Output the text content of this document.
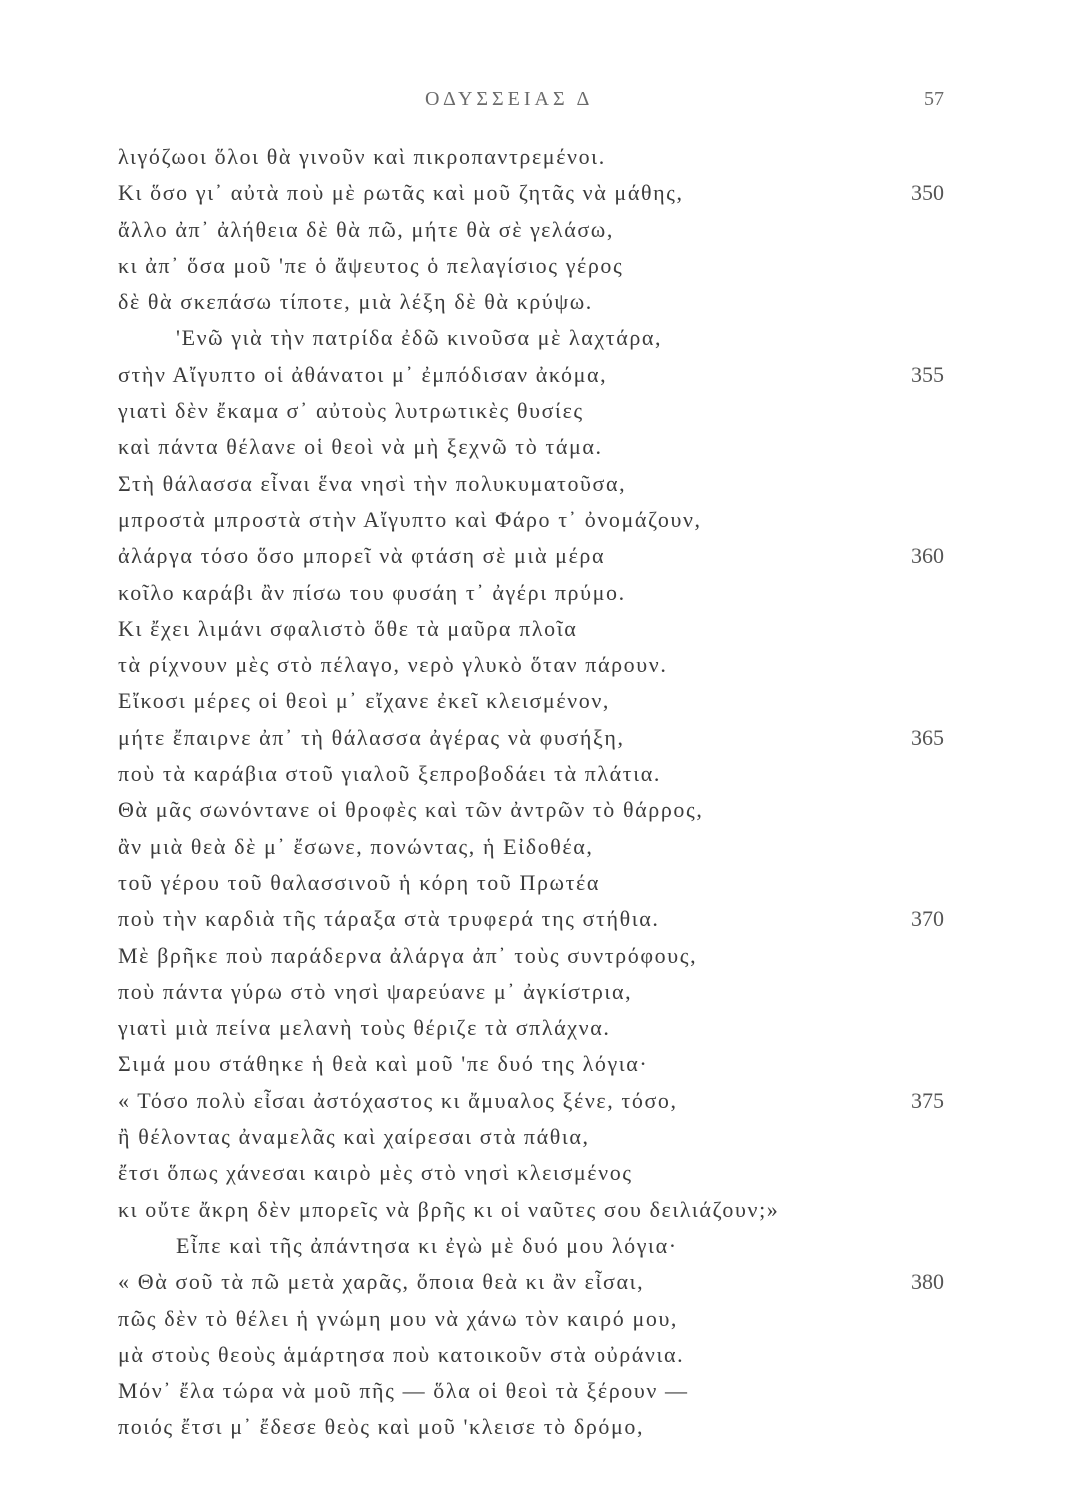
ΟΔΥΣΣΕΙΑΣ Δ	57
λιγόζωοι ὅλοι θὰ γινοῦν καὶ πικροπαντρεμένοι.
Κι ὅσο γι᾽ αὐτὰ ποὺ μὲ ρωτᾶς καὶ μοῦ ζητᾶς νὰ μάθης,	350
ἄλλο ἀπ᾽ ἀλήθεια δὲ θὰ πῶ, μήτε θὰ σὲ γελάσω,
κι ἀπ᾽ ὅσα μοῦ 'πε ὁ ἄψευτος ὁ πελαγίσιος γέρος
δὲ θὰ σκεπάσω τίποτε, μιὰ λέξη δὲ θὰ κρύψω.
'Ενῶ γιὰ τὴν πατρίδα ἐδῶ κινοῦσα μὲ λαχτάρα,
στὴν Αἴγυπτο οἱ ἀθάνατοι μ᾽ ἐμπόδισαν ἀκόμα,	355
γιατὶ δὲν ἔκαμα σ᾽ αὐτοὺς λυτρωτικὲς θυσίες
καὶ πάντα θέλανε οἱ θεοὶ νὰ μὴ ξεχνῶ τὸ τάμα.
Στὴ θάλασσα εἶναι ἕνα νησὶ τὴν πολυκυματοῦσα,
μπροστὰ μπροστὰ στὴν Αἴγυπτο καὶ Φάρο τ᾽ ὀνομάζουν,
ἀλάργα τόσο ὅσο μπορεῖ νὰ φτάση σὲ μιὰ μέρα	360
κοῖλο καράβι ἂν πίσω του φυσάη τ᾽ ἀγέρι πρύμο.
Κι ἔχει λιμάνι σφαλιστὸ ὅθε τὰ μαῦρα πλοῖα
τὰ ρίχνουν μὲς στὸ πέλαγο, νερὸ γλυκὸ ὅταν πάρουν.
Εἴκοσι μέρες οἱ θεοὶ μ᾽ εἴχανε ἐκεῖ κλεισμένον,
μήτε ἔπαιρνε ἀπ᾽ τὴ θάλασσα ἀγέρας νὰ φυσήξη,	365
ποὺ τὰ καράβια στοῦ γιαλοῦ ξεπροβοδάει τὰ πλάτια.
Θὰ μᾶς σωνόντανε οἱ θροφὲς καὶ τῶν ἀντρῶν τὸ θάρρος,
ἂν μιὰ θεὰ δὲ μ᾽ ἔσωνε, πονώντας, ἡ Εἰδοθέα,
τοῦ γέρου τοῦ θαλασσινοῦ ἡ κόρη τοῦ Πρωτέα
ποὺ τὴν καρδιὰ τῆς τάραξα στὰ τρυφερά της στήθια.	370
Μὲ βρῆκε ποὺ παράδερνα ἀλάργα ἀπ᾽ τοὺς συντρόφους,
ποὺ πάντα γύρω στὸ νησὶ ψαρεύανε μ᾽ ἀγκίστρια,
γιατὶ μιὰ πείνα μελανὴ τοὺς θέριζε τὰ σπλάχνα.
Σιμά μου στάθηκε ἡ θεὰ καὶ μοῦ 'πε δυό της λόγια·
« Τόσο πολὺ εἶσαι ἀστόχαστος κι ἄμυαλος ξένε, τόσο,	375
ἢ θέλοντας ἀναμελᾶς καὶ χαίρεσαι στὰ πάθια,
ἔτσι ὅπως χάνεσαι καιρὸ μὲς στὸ νησὶ κλεισμένος
κι οὔτε ἄκρη δὲν μπορεῖς νὰ βρῆς κι οἱ ναῦτες σου δειλιάζουν;»
Εἶπε καὶ τῆς ἀπάντησα κι ἐγὼ μὲ δυό μου λόγια·
« Θὰ σοῦ τὰ πῶ μετὰ χαρᾶς, ὅποια θεὰ κι ἂν εἶσαι,	380
πῶς δὲν τὸ θέλει ἡ γνώμη μου νὰ χάνω τὸν καιρό μου,
μὰ στοὺς θεοὺς ἁμάρτησα ποὺ κατοικοῦν στὰ οὐράνια.
Μόν᾽ ἔλα τώρα νὰ μοῦ πῆς — ὅλα οἱ θεοὶ τὰ ξέρουν —
ποιός ἔτσι μ᾽ ἔδεσε θεὸς καὶ μοῦ 'κλεισε τὸ δρόμο,
